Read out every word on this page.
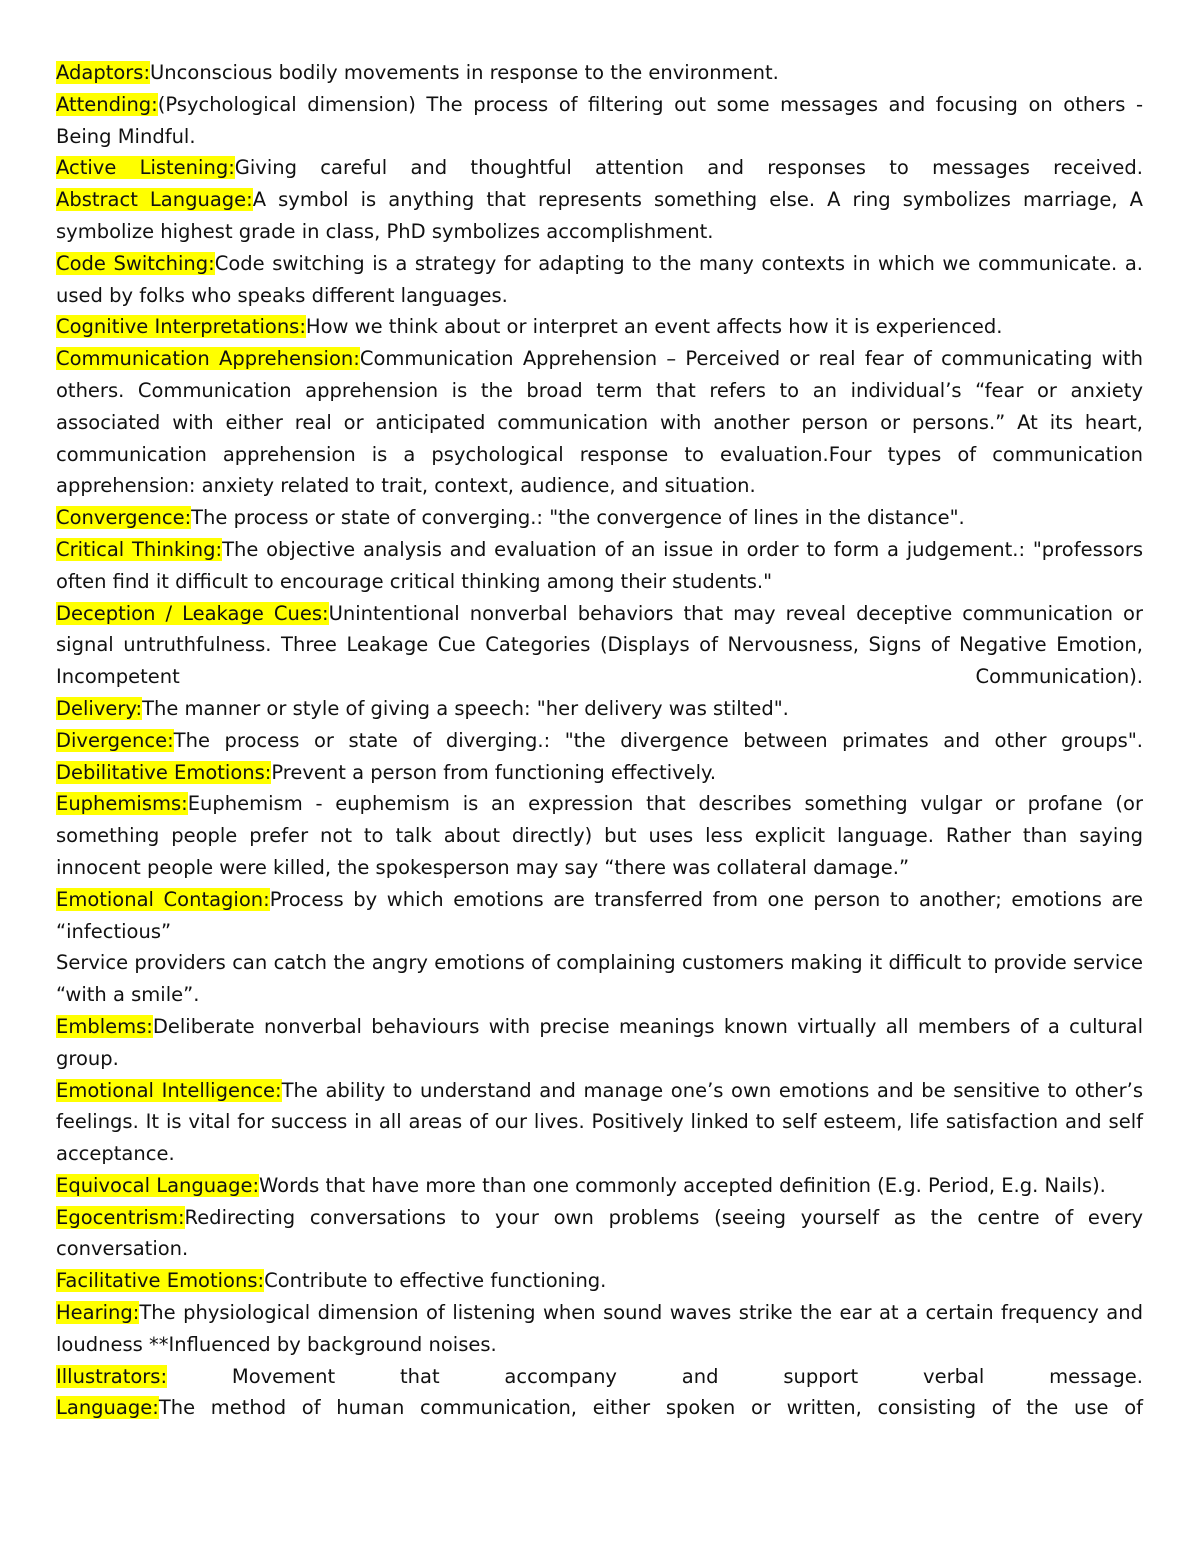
Adaptors:Unconscious bodily movements in response to the environment.

Attending:(Psychological dimension) The process of filtering out some messages and focusing on others - Being Mindful.

Active Listening:Giving careful and thoughtful attention and responses to messages received.

Abstract Language:A symbol is anything that represents something else. A ring symbolizes marriage, A symbolize highest grade in class, PhD symbolizes accomplishment.

Code Switching:Code switching is a strategy for adapting to the many contexts in which we communicate. a. used by folks who speaks different languages.

Cognitive Interpretations:How we think about or interpret an event affects how it is experienced.

Communication Apprehension:Communication Apprehension – Perceived or real fear of communicating with others. Communication apprehension is the broad term that refers to an individual’s “fear or anxiety associated with either real or anticipated communication with another person or persons.” At its heart, communication apprehension is a psychological response to evaluation.Four types of communication apprehension: anxiety related to trait, context, audience, and situation.

Convergence:The process or state of converging.: "the convergence of lines in the distance".

Critical Thinking:The objective analysis and evaluation of an issue in order to form a judgement.: "professors often find it difficult to encourage critical thinking among their students."

Deception / Leakage Cues:Unintentional nonverbal behaviors that may reveal deceptive communication or signal untruthfulness. Three Leakage Cue Categories (Displays of Nervousness, Signs of Negative Emotion, Incompetent Communication).

Delivery:The manner or style of giving a speech: "her delivery was stilted".

Divergence:The process or state of diverging.: "the divergence between primates and other groups".

Debilitative Emotions:Prevent a person from functioning effectively.

Euphemisms:Euphemism - euphemism is an expression that describes something vulgar or profane (or something people prefer not to talk about directly) but uses less explicit language. Rather than saying innocent people were killed, the spokesperson may say “there was collateral damage.”

Emotional Contagion:Process by which emotions are transferred from one person to another; emotions are “infectious”

Service providers can catch the angry emotions of complaining customers making it difficult to provide service “with a smile”.

Emblems:Deliberate nonverbal behaviours with precise meanings known virtually all members of a cultural group.

Emotional Intelligence:The ability to understand and manage one’s own emotions and be sensitive to other’s feelings. It is vital for success in all areas of our lives. Positively linked to self esteem, life satisfaction and self acceptance.

Equivocal Language:Words that have more than one commonly accepted definition (E.g. Period, E.g. Nails).

Egocentrism:Redirecting conversations to your own problems (seeing yourself as the centre of every conversation.

Facilitative Emotions:Contribute to effective functioning.

Hearing:The physiological dimension of listening when sound waves strike the ear at a certain frequency and loudness **Influenced by background noises.

Illustrators: Movement that accompany and support verbal message.

Language:The method of human communication, either spoken or written, consisting of the use of
